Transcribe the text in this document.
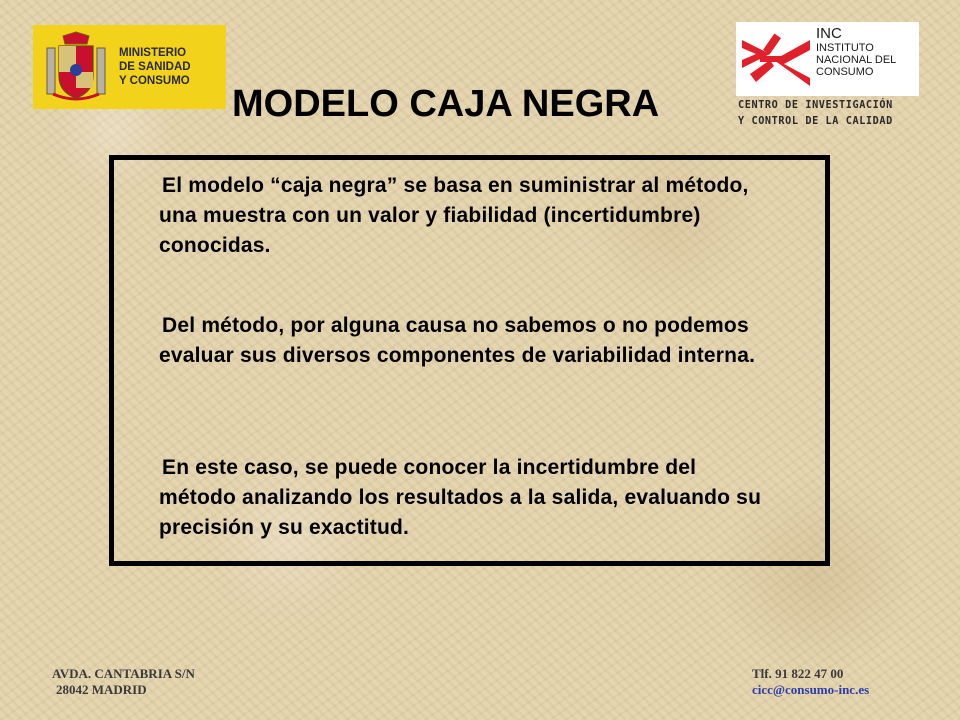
MINISTERIO
DE SANIDAD
Y CONSUMO
INC
INSTITUTO
NACIONAL DEL
CONSUMO
CENTRO DE INVESTIGACIÓN
Y CONTROL DE LA CALIDAD
MODELO CAJA NEGRA

El modelo “caja negra” se basa en suministrar al método, una muestra con un valor y fiabilidad (incertidumbre) conocidas.

Del método, por alguna causa no sabemos o no podemos evaluar sus diversos componentes de variabilidad interna.

En este caso, se puede conocer la incertidumbre del método analizando los resultados a la salida, evaluando su precisión y su exactitud.

AVDA. CANTABRIA S/N
28042 MADRID
Tlf. 91 822 47 00
cicc@consumo-inc.es
